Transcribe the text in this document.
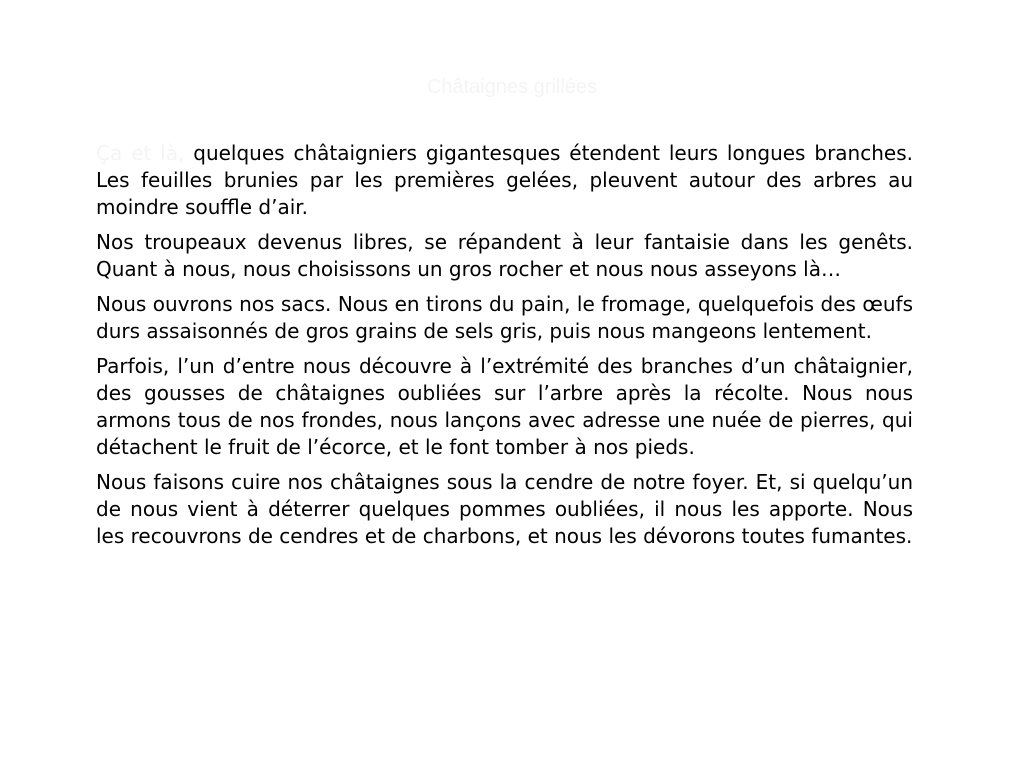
Châtaignes grillées

Ça et là, quelques châtaigniers gigantesques étendent leurs longues branches. Les feuilles brunies par les premières gelées, pleuvent autour des arbres au moindre souffle d’air.

Nos troupeaux devenus libres, se répandent à leur fantaisie dans les genêts. Quant à nous, nous choisissons un gros rocher et nous nous asseyons là…

Nous ouvrons nos sacs. Nous en tirons du pain, le fromage, quelquefois des œufs durs assaisonnés de gros grains de sels gris, puis nous mangeons lentement.

Parfois, l’un d’entre nous découvre à l’extrémité des branches d’un châtaignier, des gousses de châtaignes oubliées sur l’arbre après la récolte. Nous nous armons tous de nos frondes, nous lançons avec adresse une nuée de pierres, qui détachent le fruit de l’écorce, et le font tomber à nos pieds.

Nous faisons cuire nos châtaignes sous la cendre de notre foyer. Et, si quelqu’un de nous vient à déterrer quelques pommes oubliées, il nous les apporte. Nous les recouvrons de cendres et de charbons, et nous les dévorons toutes fumantes.
